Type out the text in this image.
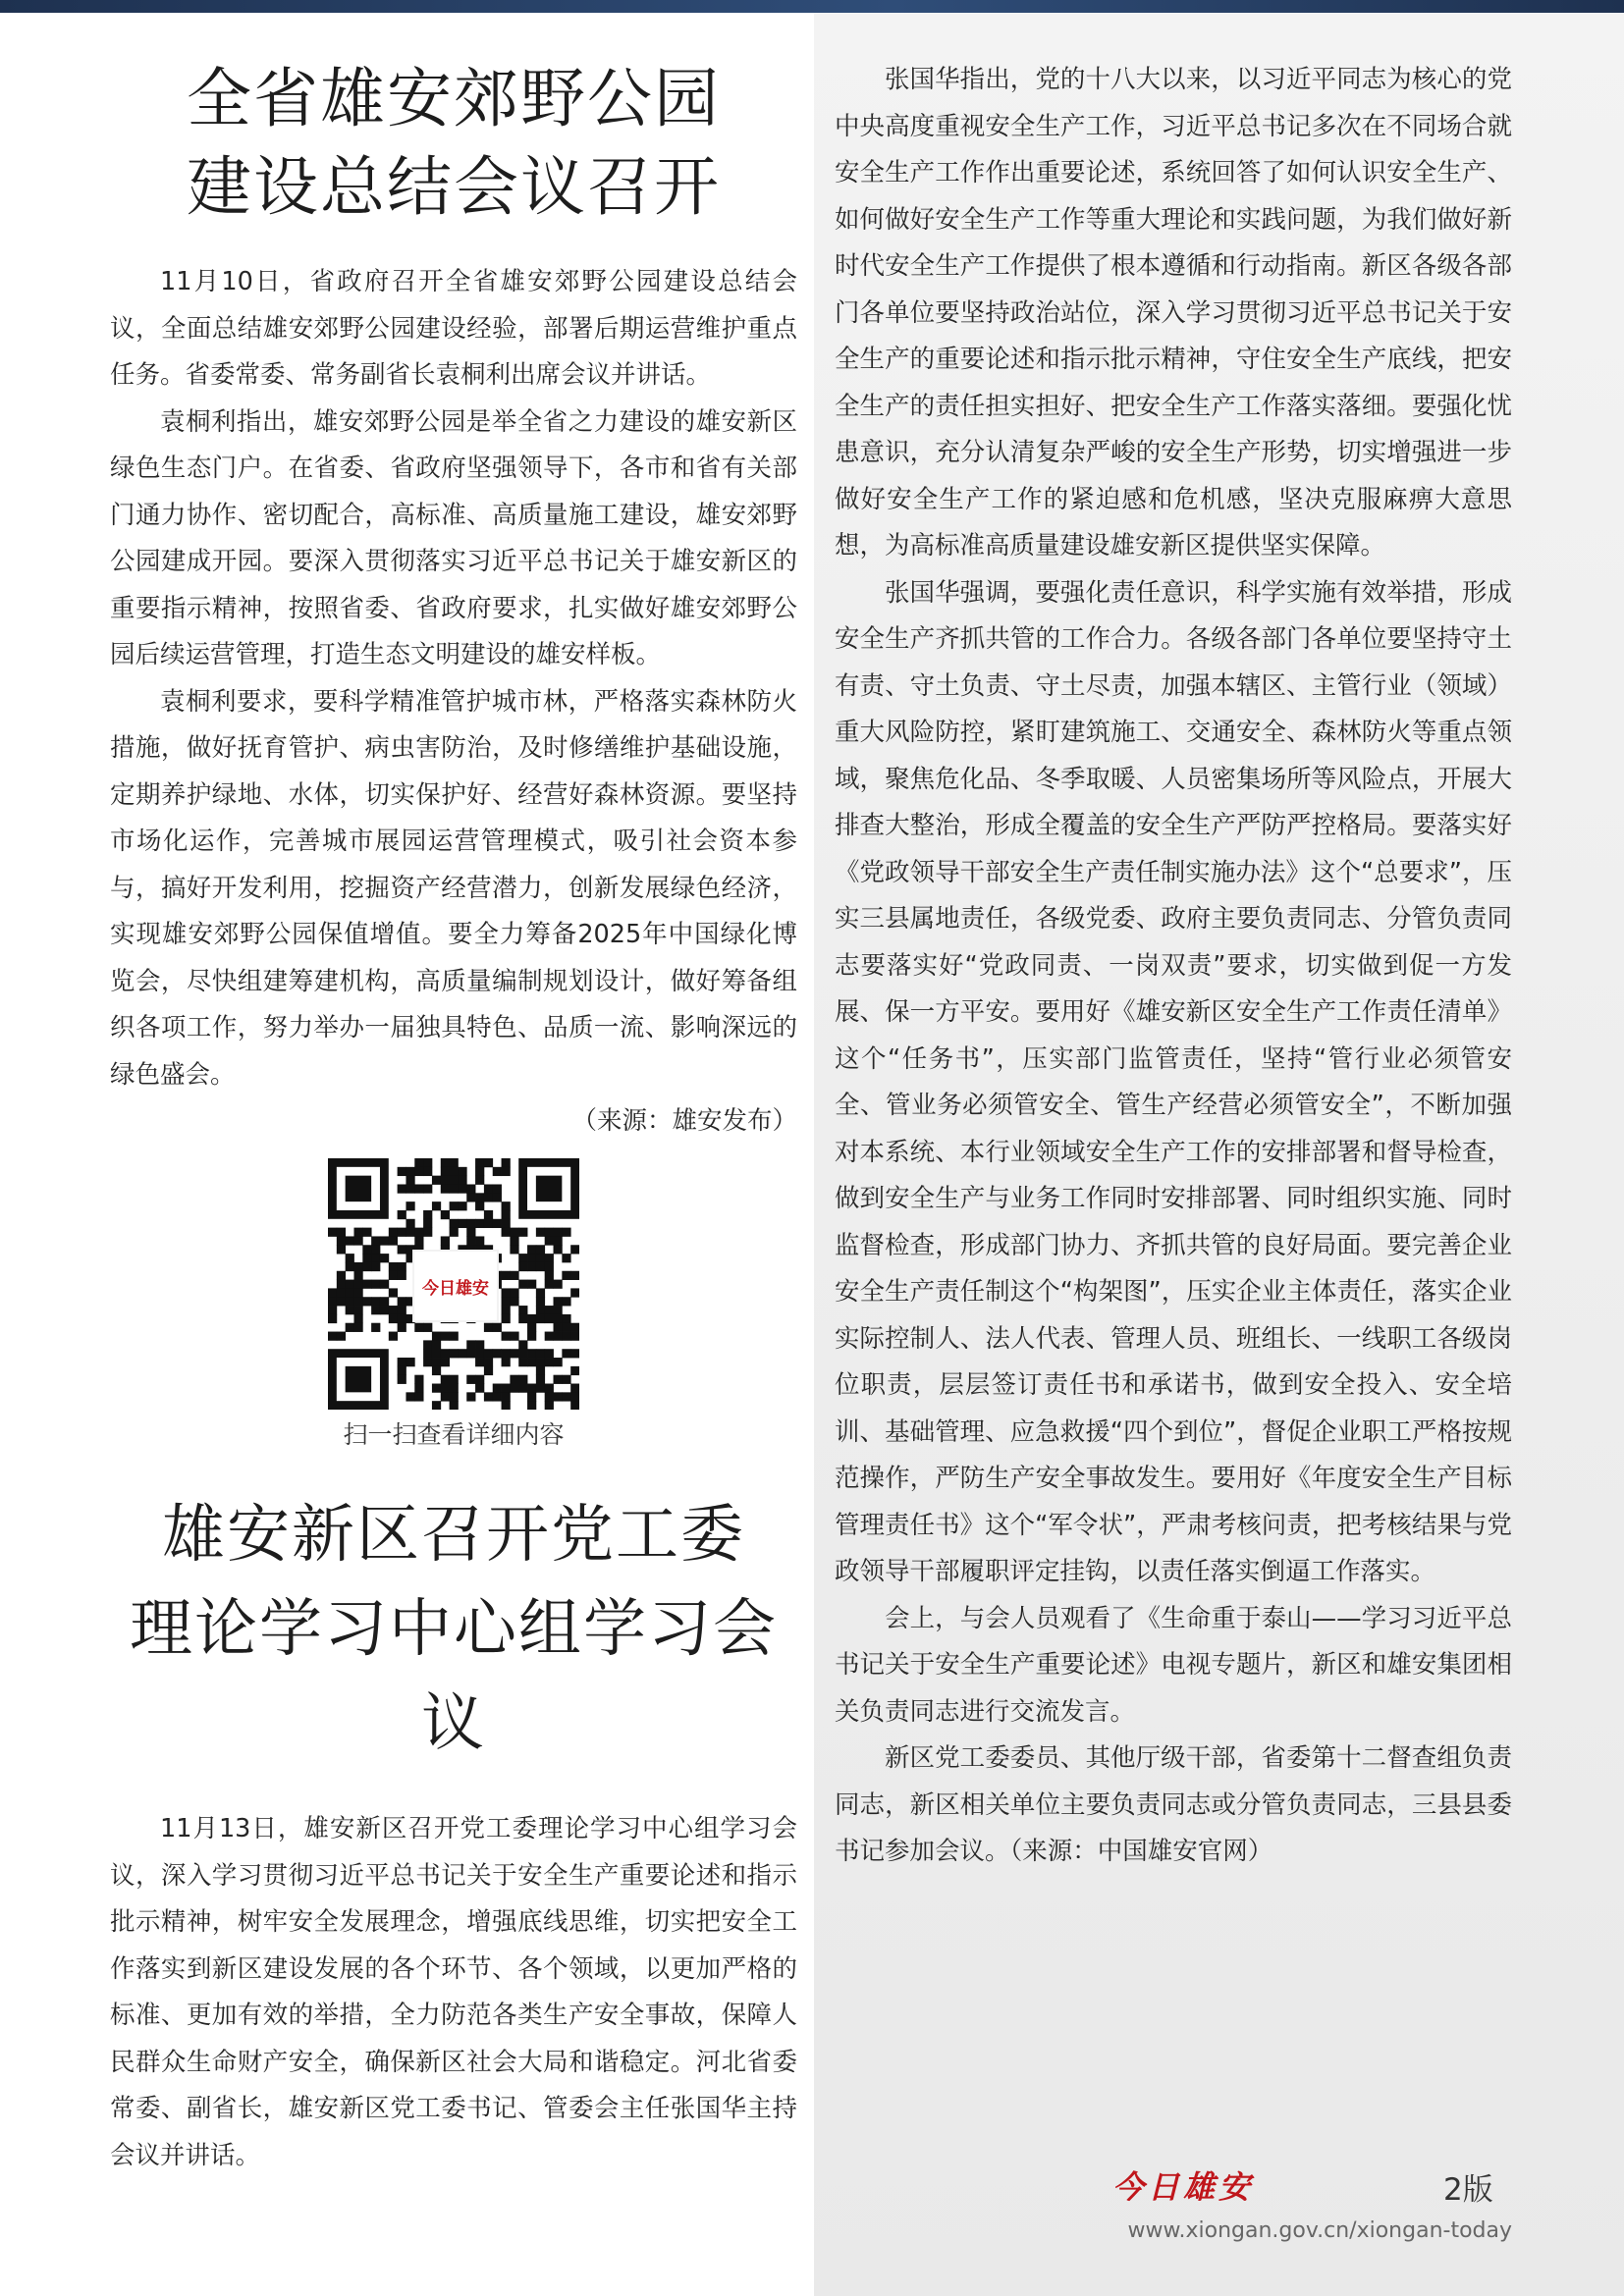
全省雄安郊野公园
建设总结会议召开

11月10日，省政府召开全省雄安郊野公园建设总结会议，全面总结雄安郊野公园建设经验，部署后期运营维护重点任务。省委常委、常务副省长袁桐利出席会议并讲话。

袁桐利指出，雄安郊野公园是举全省之力建设的雄安新区绿色生态门户。在省委、省政府坚强领导下，各市和省有关部门通力协作、密切配合，高标准、高质量施工建设，雄安郊野公园建成开园。要深入贯彻落实习近平总书记关于雄安新区的重要指示精神，按照省委、省政府要求，扎实做好雄安郊野公园后续运营管理，打造生态文明建设的雄安样板。

袁桐利要求，要科学精准管护城市林，严格落实森林防火措施，做好抚育管护、病虫害防治，及时修缮维护基础设施，定期养护绿地、水体，切实保护好、经营好森林资源。要坚持市场化运作，完善城市展园运营管理模式，吸引社会资本参与，搞好开发利用，挖掘资产经营潜力，创新发展绿色经济，实现雄安郊野公园保值增值。要全力筹备2025年中国绿化博览会，尽快组建筹建机构，高质量编制规划设计，做好筹备组织各项工作，努力举办一届独具特色、品质一流、影响深远的绿色盛会。

（来源：雄安发布）

今日雄安
扫一扫查看详细内容
雄安新区召开党工委
理论学习中心组学习会议

11月13日，雄安新区召开党工委理论学习中心组学习会议，深入学习贯彻习近平总书记关于安全生产重要论述和指示批示精神，树牢安全发展理念，增强底线思维，切实把安全工作落实到新区建设发展的各个环节、各个领域，以更加严格的标准、更加有效的举措，全力防范各类生产安全事故，保障人民群众生命财产安全，确保新区社会大局和谐稳定。河北省委常委、副省长，雄安新区党工委书记、管委会主任张国华主持会议并讲话。

张国华指出，党的十八大以来，以习近平同志为核心的党中央高度重视安全生产工作，习近平总书记多次在不同场合就安全生产工作作出重要论述，系统回答了如何认识安全生产、如何做好安全生产工作等重大理论和实践问题，为我们做好新时代安全生产工作提供了根本遵循和行动指南。新区各级各部门各单位要坚持政治站位，深入学习贯彻习近平总书记关于安全生产的重要论述和指示批示精神，守住安全生产底线，把安全生产的责任担实担好、把安全生产工作落实落细。要强化忧患意识，充分认清复杂严峻的安全生产形势，切实增强进一步做好安全生产工作的紧迫感和危机感，坚决克服麻痹大意思想，为高标准高质量建设雄安新区提供坚实保障。

张国华强调，要强化责任意识，科学实施有效举措，形成安全生产齐抓共管的工作合力。各级各部门各单位要坚持守土有责、守土负责、守土尽责，加强本辖区、主管行业（领域）重大风险防控，紧盯建筑施工、交通安全、森林防火等重点领域，聚焦危化品、冬季取暖、人员密集场所等风险点，开展大排查大整治，形成全覆盖的安全生产严防严控格局。要落实好《党政领导干部安全生产责任制实施办法》这个“总要求”，压实三县属地责任，各级党委、政府主要负责同志、分管负责同志要落实好“党政同责、一岗双责”要求，切实做到促一方发展、保一方平安。要用好《雄安新区安全生产工作责任清单》这个“任务书”，压实部门监管责任，坚持“管行业必须管安全、管业务必须管安全、管生产经营必须管安全”，不断加强对本系统、本行业领域安全生产工作的安排部署和督导检查，做到安全生产与业务工作同时安排部署、同时组织实施、同时监督检查，形成部门协力、齐抓共管的良好局面。要完善企业安全生产责任制这个“构架图”，压实企业主体责任，落实企业实际控制人、法人代表、管理人员、班组长、一线职工各级岗位职责，层层签订责任书和承诺书，做到安全投入、安全培训、基础管理、应急救援“四个到位”，督促企业职工严格按规范操作，严防生产安全事故发生。要用好《年度安全生产目标管理责任书》这个“军令状”，严肃考核问责，把考核结果与党政领导干部履职评定挂钩，以责任落实倒逼工作落实。

会上，与会人员观看了《生命重于泰山——学习习近平总书记关于安全生产重要论述》电视专题片，新区和雄安集团相关负责同志进行交流发言。

新区党工委委员、其他厅级干部，省委第十二督查组负责同志，新区相关单位主要负责同志或分管负责同志，三县县委书记参加会议。（来源：中国雄安官网）

今日雄安	2版
www.xiongan.gov.cn/xiongan-today
